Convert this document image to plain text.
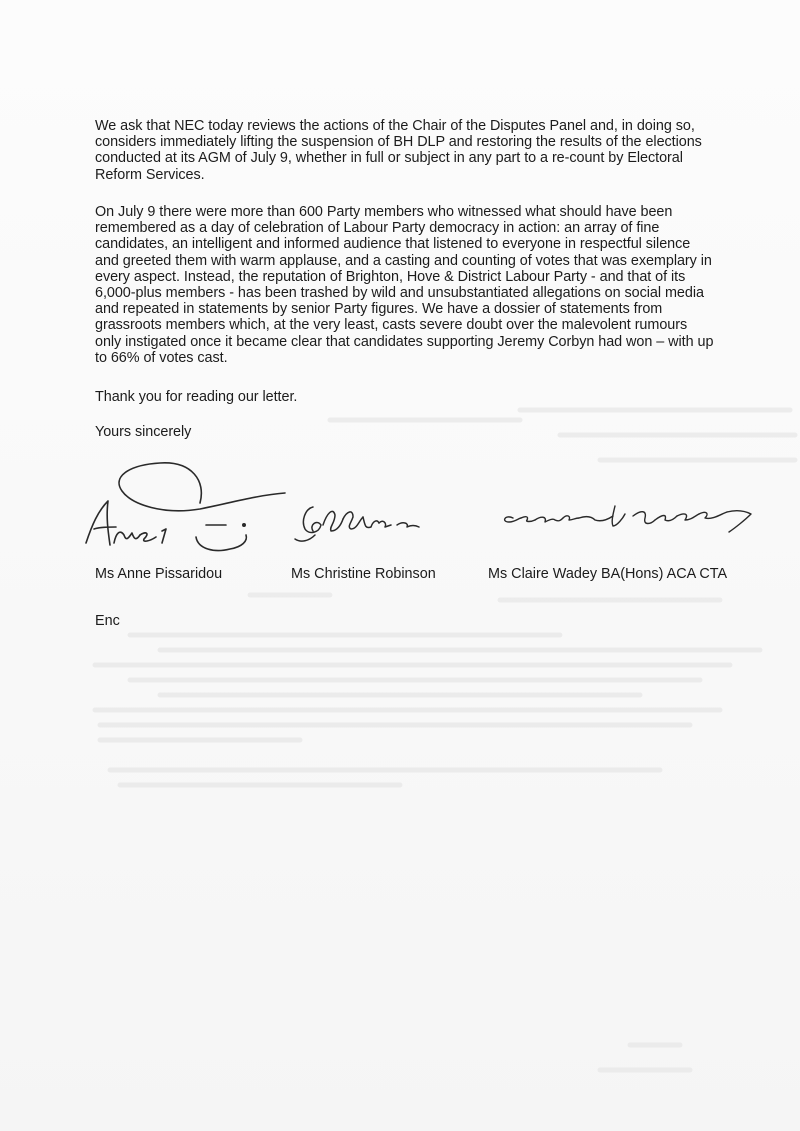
We ask that NEC today reviews the actions of the Chair of the Disputes Panel and, in doing so, considers immediately lifting the suspension of BH DLP and restoring the results of the elections conducted at its AGM of July 9, whether in full or subject in any part to a re-count by Electoral Reform Services.

On July 9 there were more than 600 Party members who witnessed what should have been remembered as a day of celebration of Labour Party democracy in action: an array of fine candidates, an intelligent and informed audience that listened to everyone in respectful silence and greeted them with warm applause, and a casting and counting of votes that was exemplary in every aspect. Instead, the reputation of Brighton, Hove & District Labour Party - and that of its 6,000-plus members - has been trashed by wild and unsubstantiated allegations on social media and repeated in statements by senior Party figures. We have a dossier of statements from grassroots members which, at the very least, casts severe doubt over the malevolent rumours only instigated once it became clear that candidates supporting Jeremy Corbyn had won – with up to 66% of votes cast.

Thank you for reading our letter.

Yours sincerely

Ms Anne Pissaridou	Ms Christine Robinson	Ms Claire Wadey BA(Hons) ACA CTA

Enc
